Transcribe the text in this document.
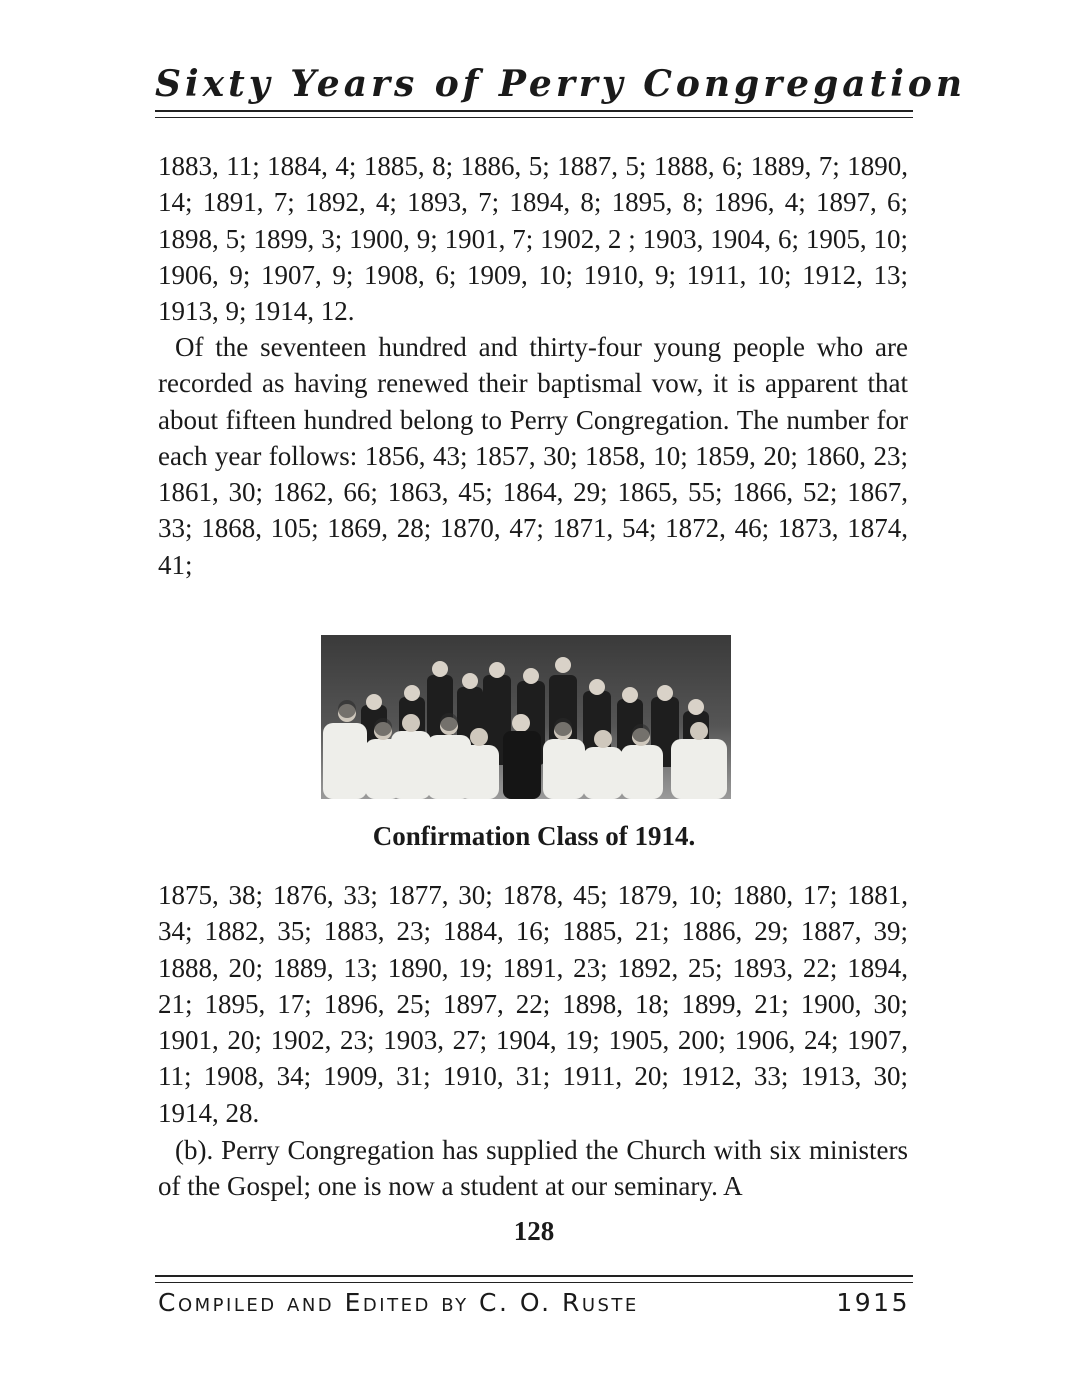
Sixty Years of Perry Congregation

1883, 11; 1884, 4; 1885, 8; 1886, 5; 1887, 5; 1888, 6; 1889, 7; 1890, 14; 1891, 7; 1892, 4; 1893, 7; 1894, 8; 1895, 8; 1896, 4; 1897, 6; 1898, 5; 1899, 3; 1900, 9; 1901, 7; 1902, 2 ; 1903, 1904, 6; 1905, 10; 1906, 9; 1907, 9; 1908, 6; 1909, 10; 1910, 9; 1911, 10; 1912, 13; 1913, 9; 1914, 12.

Of the seventeen hundred and thirty-four young people who are recorded as having renewed their baptismal vow, it is apparent that about fifteen hundred belong to Perry Congregation. The number for each year follows: 1856, 43; 1857, 30; 1858, 10; 1859, 20; 1860, 23; 1861, 30; 1862, 66; 1863, 45; 1864, 29; 1865, 55; 1866, 52; 1867, 33; 1868, 105; 1869, 28; 1870, 47; 1871, 54; 1872, 46; 1873, 1874, 41;

Confirmation Class of 1914.

1875, 38; 1876, 33; 1877, 30; 1878, 45; 1879, 10; 1880, 17; 1881, 34; 1882, 35; 1883, 23; 1884, 16; 1885, 21; 1886, 29; 1887, 39; 1888, 20; 1889, 13; 1890, 19; 1891, 23; 1892, 25; 1893, 22; 1894, 21; 1895, 17; 1896, 25; 1897, 22; 1898, 18; 1899, 21; 1900, 30; 1901, 20; 1902, 23; 1903, 27; 1904, 19; 1905, 200; 1906, 24; 1907, 11; 1908, 34; 1909, 31; 1910, 31; 1911, 20; 1912, 33; 1913, 30; 1914, 28.

(b). Perry Congregation has supplied the Church with six ministers of the Gospel; one is now a student at our seminary. A

128
Compiled and Edited by C. O. Ruste	1915
